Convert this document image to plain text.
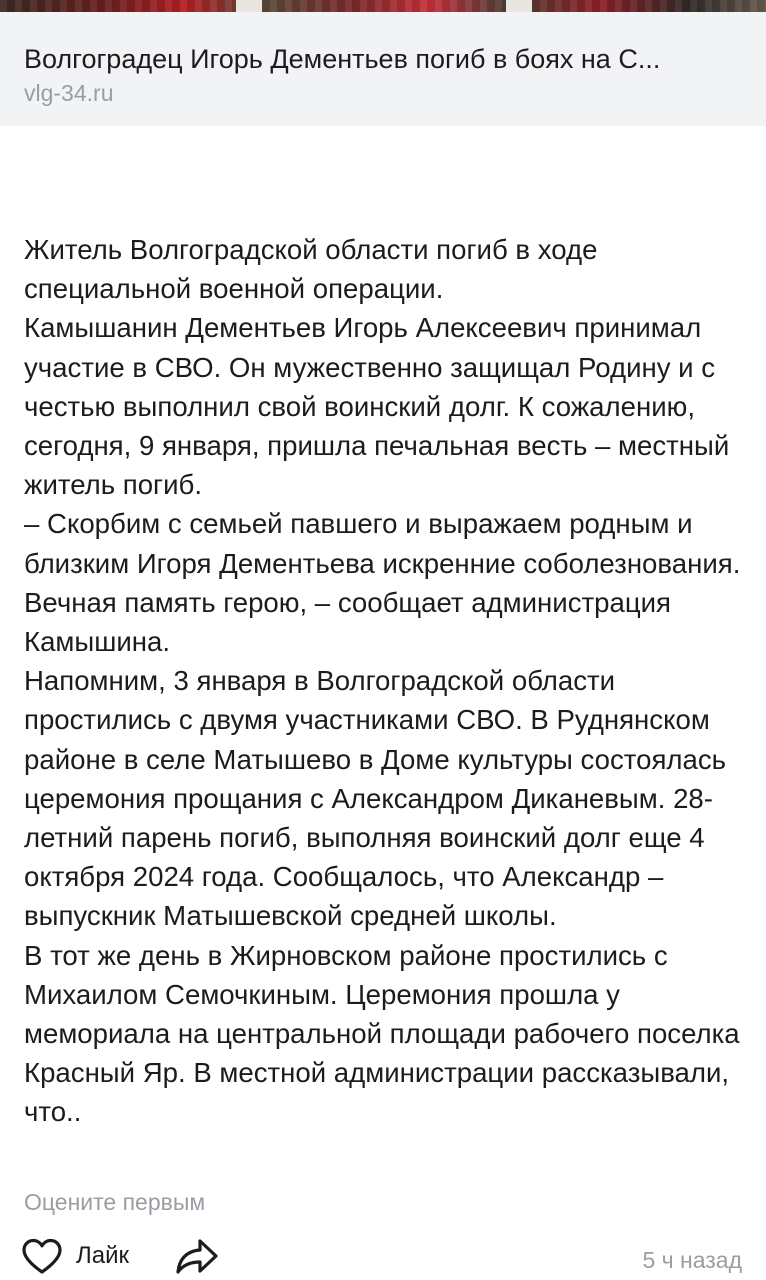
Волгоградец Игорь Дементьев погиб в боях на С...
vlg-34.ru

Житель Волгоградской области погиб в ходе специальной военной операции.

Камышанин Дементьев Игорь Алексеевич принимал участие в СВО. Он мужественно защищал Родину и с честью выполнил свой воинский долг. К сожалению, сегодня, 9 января, пришла печальная весть – местный житель погиб.

– Скорбим с семьей павшего и выражаем родным и близким Игоря Дементьева искренние соболезнования. Вечная память герою, – сообщает администрация Камышина.

Напомним, 3 января в Волгоградской области простились с двумя участниками СВО. В Руднянском районе в селе Матышево в Доме культуры состоялась церемония прощания с Александром Диканевым. 28-летний парень погиб, выполняя воинский долг еще 4 октября 2024 года. Сообщалось, что Александр – выпускник Матышевской средней школы.

В тот же день в Жирновском районе простились с Михаилом Семочкиным. Церемония прошла у мемориала на центральной площади рабочего поселка Красный Яр. В местной администрации рассказывали, что..

Оцените первым
Лайк	5 ч назад
